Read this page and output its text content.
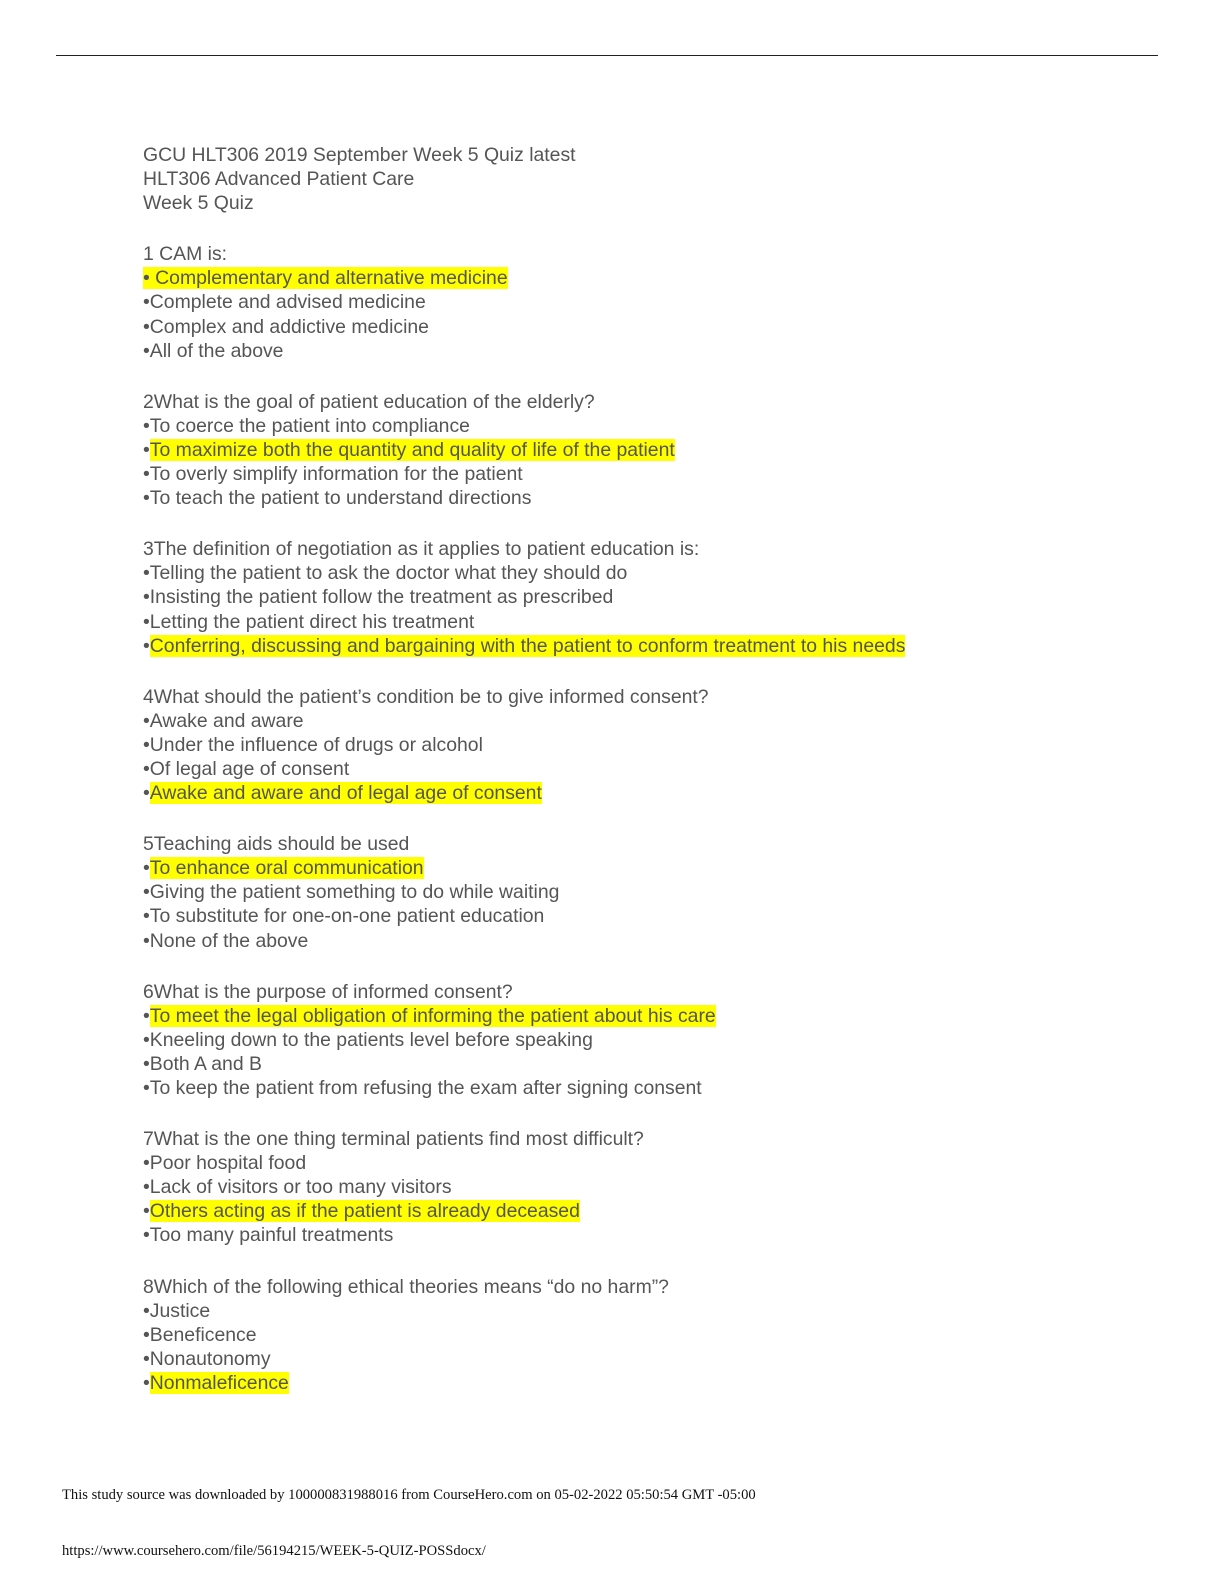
GCU HLT306 2019 September Week 5 Quiz latest
HLT306 Advanced Patient Care
Week 5 Quiz
1 CAM is:
• Complementary and alternative medicine
•Complete and advised medicine
•Complex and addictive medicine
•All of the above
2What is the goal of patient education of the elderly?
•To coerce the patient into compliance
•To maximize both the quantity and quality of life of the patient
•To overly simplify information for the patient
•To teach the patient to understand directions
3The definition of negotiation as it applies to patient education is:
•Telling the patient to ask the doctor what they should do
•Insisting the patient follow the treatment as prescribed
•Letting the patient direct his treatment
•Conferring, discussing and bargaining with the patient to conform treatment to his needs
4What should the patient’s condition be to give informed consent?
•Awake and aware
•Under the influence of drugs or alcohol
•Of legal age of consent
•Awake and aware and of legal age of consent
5Teaching aids should be used
•To enhance oral communication
•Giving the patient something to do while waiting
•To substitute for one-on-one patient education
•None of the above
6What is the purpose of informed consent?
•To meet the legal obligation of informing the patient about his care
•Kneeling down to the patients level before speaking
•Both A and B
•To keep the patient from refusing the exam after signing consent
7What is the one thing terminal patients find most difficult?
•Poor hospital food
•Lack of visitors or too many visitors
•Others acting as if the patient is already deceased
•Too many painful treatments
8Which of the following ethical theories means “do no harm”?
•Justice
•Beneficence
•Nonautonomy
•Nonmaleficence
This study source was downloaded by 100000831988016 from CourseHero.com on 05-02-2022 05:50:54 GMT -05:00
https://www.coursehero.com/file/56194215/WEEK-5-QUIZ-POSSdocx/
